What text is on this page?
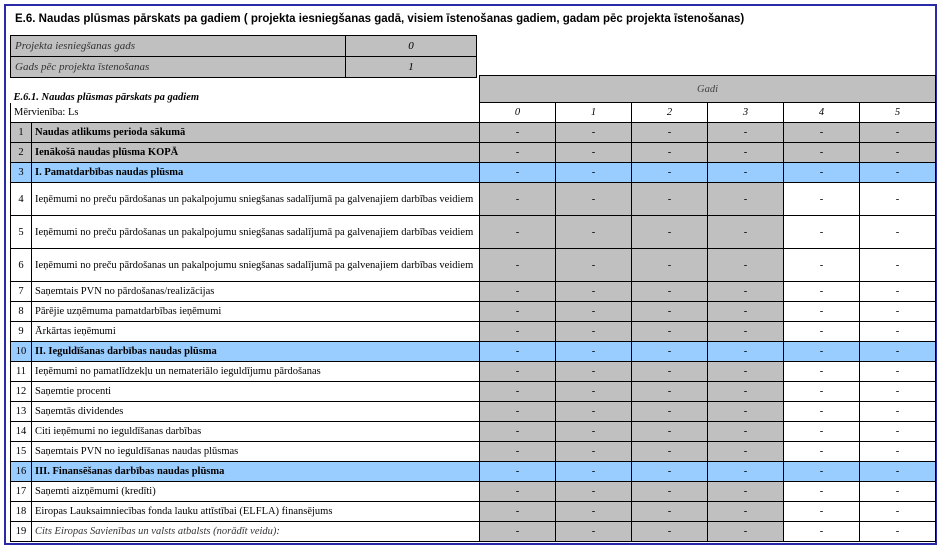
E.6. Naudas plūsmas pārskats pa gadiem ( projekta iesniegšanas gadā, visiem īstenošanas gadiem, gadam pēc projekta īstenošanas)
Projekta iesniegšanas gads	0
Gads pēc projekta īstenošanas	1
E.6.1. Naudas plūsmas pārskats pa gadiem		Gadi					
Mērvienība: Ls		0	1	2	3	4	5
1	Naudas atlikums perioda sākumā	-	-	-	-	-	-
2	Ienākošā naudas plūsma KOPĀ	-	-	-	-	-	-
3	I. Pamatdarbības naudas plūsma	-	-	-	-	-	-
4	Ieņēmumi no preču pārdošanas un pakalpojumu sniegšanas sadalījumā pa galvenajiem darbības veidiem	-	-	-	-	-	-
5	Ieņēmumi no preču pārdošanas un pakalpojumu sniegšanas sadalījumā pa galvenajiem darbības veidiem	-	-	-	-	-	-
6	Ieņēmumi no preču pārdošanas un pakalpojumu sniegšanas sadalījumā pa galvenajiem darbības veidiem	-	-	-	-	-	-
7	Saņemtais PVN no pārdošanas/realizācijas	-	-	-	-	-	-
8	Pārējie uzņēmuma pamatdarbības ieņēmumi	-	-	-	-	-	-
9	Ārkārtas ieņēmumi	-	-	-	-	-	-
10	II. Ieguldīšanas darbības naudas plūsma	-	-	-	-	-	-
11	Ieņēmumi no pamatlīdzekļu un nemateriālo ieguldījumu pārdošanas	-	-	-	-	-	-
12	Saņemtie procenti	-	-	-	-	-	-
13	Saņemtās dividendes	-	-	-	-	-	-
14	Citi ieņēmumi no ieguldīšanas darbības	-	-	-	-	-	-
15	Saņemtais PVN no ieguldīšanas naudas plūsmas	-	-	-	-	-	-
16	III. Finansēšanas darbības naudas plūsma	-	-	-	-	-	-
17	Saņemti aizņēmumi (kredīti)	-	-	-	-	-	-
18	Eiropas Lauksaimniecības fonda lauku attīstībai (ELFLA) finansējums	-	-	-	-	-	-
19	Cits Eiropas Savienības un valsts atbalsts (norādīt veidu):	-	-	-	-	-	-
